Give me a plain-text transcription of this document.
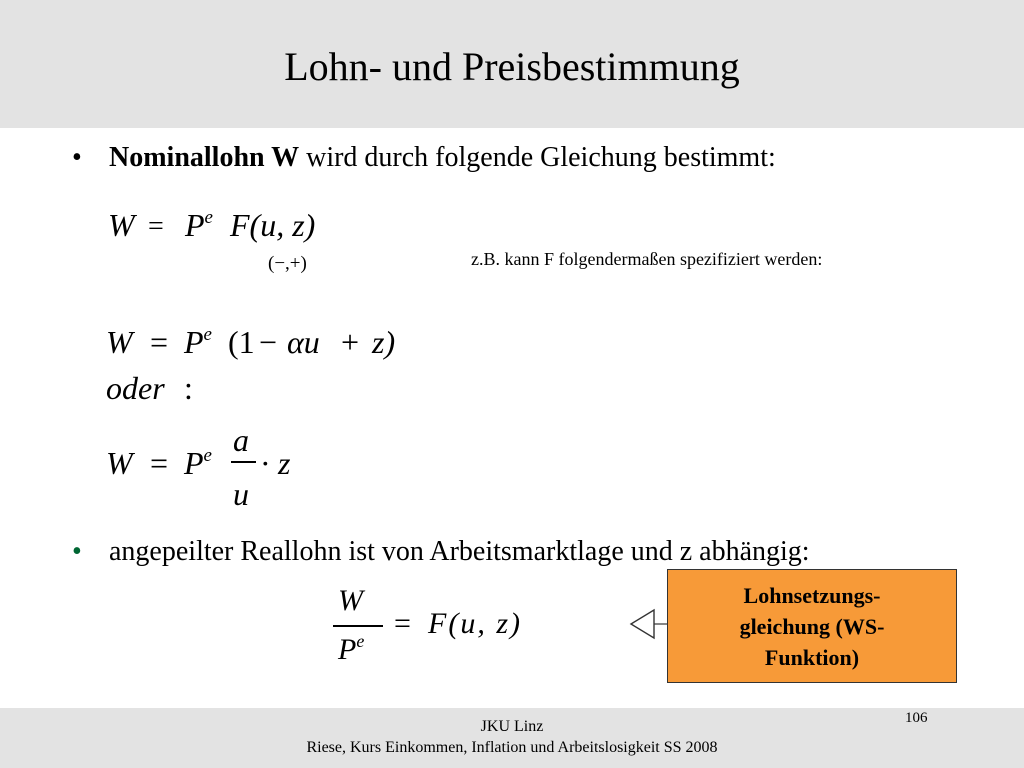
Lohn- und Preisbestimmung
• Nominallohn W wird durch folgende Gleichung bestimmt:
$W = P^e$ F(u, z)
(−,+)	z.B. kann F folgendermaßen spezifiziert werden:
$W = P^e$ (1 − αu + z)
oder :
$W = P^e$ a
u
· z
• angepeilter Reallohn ist von Arbeitsmarktlage und z abhängig:
W
$P^e$
= F(u, z)
Lohnsetzungs-
gleichung (WS-
Funktion)
JKU Linz
Riese, Kurs Einkommen, Inflation und Arbeitslosigkeit SS 2008
106
